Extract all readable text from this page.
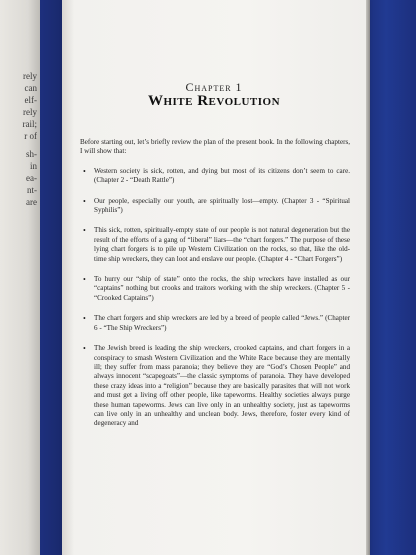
rely
can
elf-
rely
rail;
r of
sh-
in
ea-
nt-
are
Chapter 1
White Revolution

Before starting out, let’s briefly review the plan of the present book. In the following chapters, I will show that:

• Western society is sick, rotten, and dying but most of its citizens don’t seem to care. (Chapter 2 - “Death Rattle”)
• Our people, especially our youth, are spiritually lost—empty. (Chapter 3 - “Spiritual Syphilis”)
• This sick, rotten, spiritually-empty state of our people is not natural degeneration but the result of the efforts of a gang of “liberal” liars—the “chart forgers.” The purpose of these lying chart forgers is to pile up Western Civilization on the rocks, so that, like the old-time ship wreckers, they can loot and enslave our people. (Chapter 4 - “Chart Forgers”)
• To hurry our “ship of state” onto the rocks, the ship wreckers have installed as our “captains” nothing but crooks and traitors working with the ship wreckers. (Chapter 5 - “Crooked Captains”)
• The chart forgers and ship wreckers are led by a breed of people called “Jews.” (Chapter 6 - “The Ship Wreckers”)
• The Jewish breed is leading the ship wreckers, crooked captains, and chart forgers in a conspiracy to smash Western Civilization and the White Race because they are mentally ill; they suffer from mass paranoia; they believe they are “God’s Chosen People” and always innocent “scapegoats”—the classic symptoms of paranoia. They have developed these crazy ideas into a “religion” because they are basically parasites that will not work and must get a living off other people, like tapeworms. Healthy societies always purge these human tapeworms. Jews can live only in an unhealthy society, just as tapeworms can live only in an unhealthy and unclean body. Jews, therefore, foster every kind of degeneracy and
